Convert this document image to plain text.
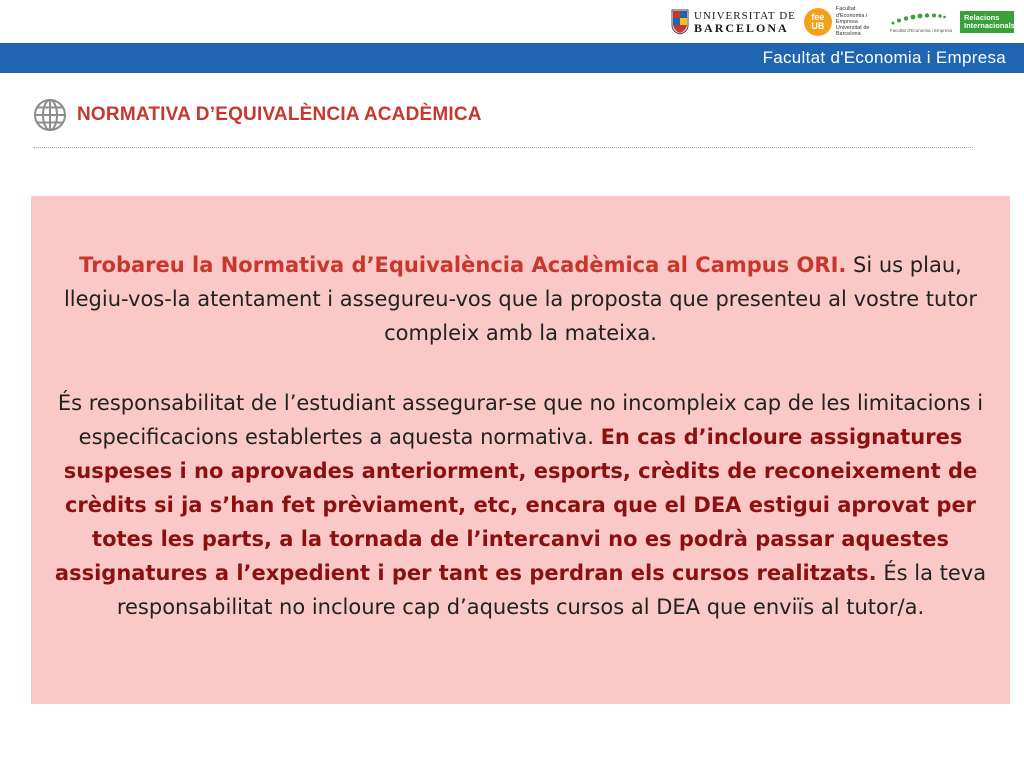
UNIVERSITAT DE
BARCELONA
fee
UB
Facultat d'Economia i Empresa Universitat de Barcelona
Facultat d'Economia i Empresa
Relacions Internacionals
Facultat d'Economia i Empresa
NORMATIVA D’EQUIVALÈNCIA ACADÈMICA

Trobareu la Normativa d’Equivalència Acadèmica al Campus ORI. Si us plau, llegiu-vos-la atentament i assegureu-vos que la proposta que presenteu al vostre tutor compleix amb la mateixa.

És responsabilitat de l’estudiant assegurar-se que no incompleix cap de les limitacions i especificacions establertes a aquesta normativa. En cas d’incloure assignatures suspeses i no aprovades anteriorment, esports, crèdits de reconeixement de crèdits si ja s’han fet prèviament, etc, encara que el DEA estigui aprovat per totes les parts, a la tornada de l’intercanvi no es podrà passar aquestes assignatures a l’expedient i per tant es perdran els cursos realitzats. És la teva responsabilitat no incloure cap d’aquests cursos al DEA que enviïs al tutor/a.
